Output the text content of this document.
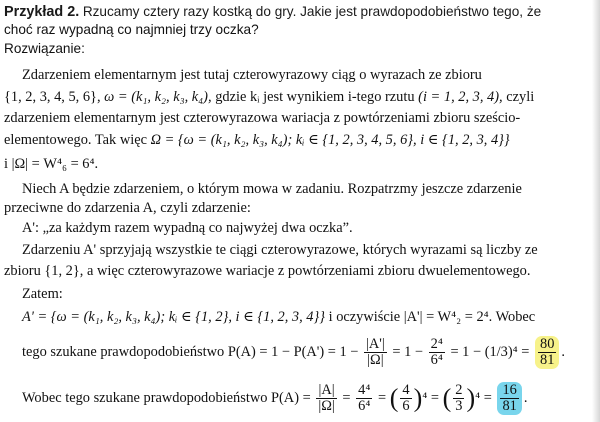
Przykład 2. Rzucamy cztery razy kostką do gry. Jakie jest prawdopodobieństwo tego, że
choć raz wypadną co najmniej trzy oczka?
Rozwiązanie:
Zdarzeniem elementarnym jest tutaj czterowyrazowy ciąg o wyrazach ze zbioru
{1, 2, 3, 4, 5, 6}, ω = (k₁, k₂, k₃, k₄), gdzie kᵢ jest wynikiem i-tego rzutu (i = 1, 2, 3, 4), czyli
zdarzeniem elementarnym jest czterowyrazowa wariacja z powtórzeniami zbioru sześcio-
elementowego. Tak więc Ω = {ω = (k₁, k₂, k₃, k₄); kᵢ ∈ {1, 2, 3, 4, 5, 6}, i ∈ {1, 2, 3, 4}}
i |Ω| = W⁴₆ = 6⁴.
Niech A będzie zdarzeniem, o którym mowa w zadaniu. Rozpatrzmy jeszcze zdarzenie
przeciwne do zdarzenia A, czyli zdarzenie:
A': „za każdym razem wypadną co najwyżej dwa oczka”.
Zdarzeniu A' sprzyjają wszystkie te ciągi czterowyrazowe, których wyrazami są liczby ze
zbioru {1, 2}, a więc czterowyrazowe wariacje z powtórzeniami zbioru dwuelementowego.
Zatem:
A' = {ω = (k₁, k₂, k₃, k₄); kᵢ ∈ {1, 2}, i ∈ {1, 2, 3, 4}} i oczywiście |A'| = W⁴₂ = 2⁴. Wobec
tego szukane prawdopodobieństwo $P(A) = 1 - P(A') = 1 - \frac{|A'|}{|\Omega|} = 1 - \frac{\text{2⁴}}{\text{6⁴}} = 1 - (1/3)^4 = \frac{80}{81}$ .
Wobec tego szukane prawdopodobieństwo $P(A) = \frac{|A|}{|\Omega|} = \frac{\text{4⁴}}{\text{6⁴}}$ = ( $\frac{4}{6} )^4$ = ( $\frac{2}{3} )^4 = \frac{16}{81}$ .
